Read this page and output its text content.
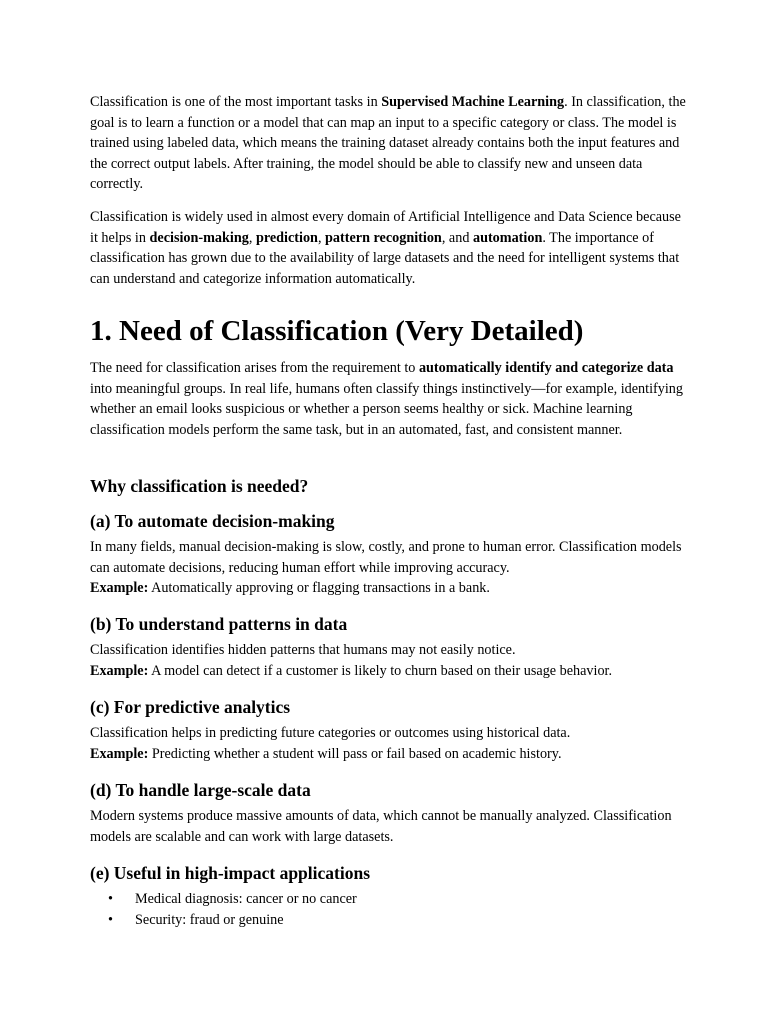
Classification is one of the most important tasks in Supervised Machine Learning. In classification, the goal is to learn a function or a model that can map an input to a specific category or class. The model is trained using labeled data, which means the training dataset already contains both the input features and the correct output labels. After training, the model should be able to classify new and unseen data correctly.

Classification is widely used in almost every domain of Artificial Intelligence and Data Science because it helps in decision-making, prediction, pattern recognition, and automation. The importance of classification has grown due to the availability of large datasets and the need for intelligent systems that can understand and categorize information automatically.

1. Need of Classification (Very Detailed)

The need for classification arises from the requirement to automatically identify and categorize data into meaningful groups. In real life, humans often classify things instinctively—for example, identifying whether an email looks suspicious or whether a person seems healthy or sick. Machine learning classification models perform the same task, but in an automated, fast, and consistent manner.

Why classification is needed?
(a) To automate decision-making

In many fields, manual decision-making is slow, costly, and prone to human error. Classification models can automate decisions, reducing human effort while improving accuracy.
Example: Automatically approving or flagging transactions in a bank.

(b) To understand patterns in data

Classification identifies hidden patterns that humans may not easily notice.
Example: A model can detect if a customer is likely to churn based on their usage behavior.

(c) For predictive analytics

Classification helps in predicting future categories or outcomes using historical data.
Example: Predicting whether a student will pass or fail based on academic history.

(d) To handle large-scale data

Modern systems produce massive amounts of data, which cannot be manually analyzed. Classification models are scalable and can work with large datasets.

(e) Useful in high-impact applications
• Medical diagnosis: cancer or no cancer
• Security: fraud or genuine
